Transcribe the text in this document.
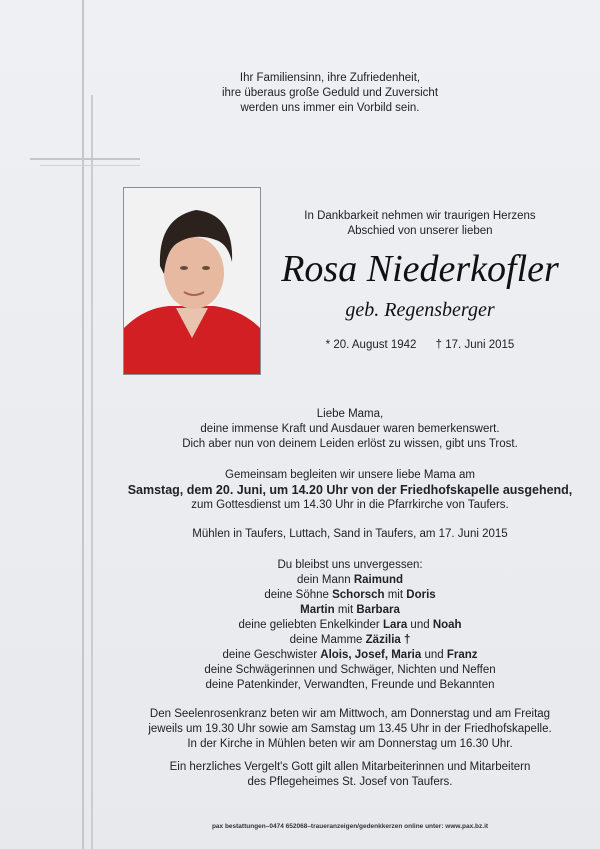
Ihr Familiensinn, ihre Zufriedenheit,
ihre überaus große Geduld und Zuversicht
werden uns immer ein Vorbild sein.
In Dankbarkeit nehmen wir traurigen Herzens
Abschied von unserer lieben
Rosa Niederkofler
geb. Regensberger
* 20. August 1942 † 17. Juni 2015
Liebe Mama,
deine immense Kraft und Ausdauer waren bemerkenswert.
Dich aber nun von deinem Leiden erlöst zu wissen, gibt uns Trost.
Gemeinsam begleiten wir unsere liebe Mama am
Samstag, dem 20. Juni, um 14.20 Uhr von der Friedhofskapelle ausgehend,
zum Gottesdienst um 14.30 Uhr in die Pfarrkirche von Taufers.
Mühlen in Taufers, Luttach, Sand in Taufers, am 17. Juni 2015
Du bleibst uns unvergessen:
dein Mann Raimund
deine Söhne Schorsch mit Doris
Martin mit Barbara
deine geliebten Enkelkinder Lara und Noah
deine Mamme Zäzilia †
deine Geschwister Alois, Josef, Maria und Franz
deine Schwägerinnen und Schwäger, Nichten und Neffen
deine Patenkinder, Verwandten, Freunde und Bekannten
Den Seelenrosenkranz beten wir am Mittwoch, am Donnerstag und am Freitag
jeweils um 19.30 Uhr sowie am Samstag um 13.45 Uhr in der Friedhofskapelle.
In der Kirche in Mühlen beten wir am Donnerstag um 16.30 Uhr.
Ein herzliches Vergelt's Gott gilt allen Mitarbeiterinnen und Mitarbeitern
des Pflegeheimes St. Josef von Taufers.
pax bestattungen–0474 652068–traueranzeigen/gedenkkerzen online unter: www.pax.bz.it
